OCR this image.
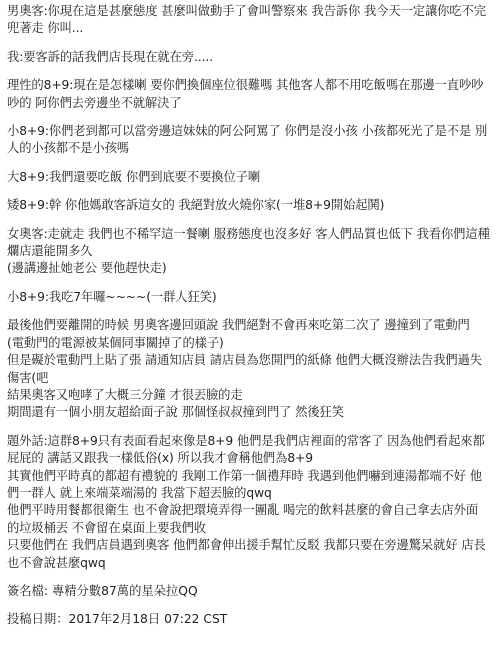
男奧客:你現在這是甚麼態度 甚麼叫做動手了會叫警察來 我告訴你 我今天一定讓你吃不完兜著走 你叫...

我:要客訴的話我們店長現在就在旁.....

理性的8+9:現在是怎樣喇 要你們換個座位很難嗎 其他客人都不用吃飯嗎在那邊一直吵吵吵的 阿你們去旁邊坐不就解決了

小8+9:你們老到都可以當旁邊這妹妹的阿公阿罵了 你們是沒小孩 小孩都死光了是不是 別人的小孩都不是小孩嗎

大8+9:我們還要吃飯 你們到底要不要換位子喇

矮8+9:幹 你他媽敢客訴這女的 我絕對放火燒你家(一堆8+9開始起鬨)

女奧客:走就走 我們也不稀罕這一餐喇 服務態度也沒多好 客人們品質也低下 我看你們這種爛店還能開多久
(邊講邊扯她老公 要他趕快走)

小8+9:我吃7年囉~~~~(一群人狂笑)

最後他們要離開的時候 男奧客邊回頭說 我們絕對不會再來吃第二次了 邊撞到了電動門
(電動門的電源被某個同事關掉了的樣子)
但是礙於電動門上貼了張 請通知店員 請店員為您開門的紙條 他們大概沒辦法告我們過失傷害(吧
結果奧客又咆哮了大概三分鐘 才很丟臉的走
期間還有一個小朋友超給面子說 那個怪叔叔撞到門了 然後狂笑

題外話:這群8+9只有表面看起來像是8+9 他們是我們店裡面的常客了 因為他們看起來都屁屁的 講話又跟我一樣低俗(x) 所以我才會稱他們為8+9
其實他們平時真的都超有禮貌的 我剛工作第一個禮拜時 我遇到他們嚇到連湯都端不好 他們一群人 就上來端菜端湯的 我當下超丟臉的qwq
他們平時用餐都很衛生 也不會說把環境弄得一團亂 喝完的飲料甚麼的會自己拿去店外面的垃圾桶丟 不會留在桌面上要我們收
只要他們在 我們店員遇到奧客 他們都會伸出援手幫忙反駁 我都只要在旁邊驚呆就好 店長也不會說甚麼qwq

簽名檔: 專精分數87萬的星朵拉QQ

投稿日期：2017年2月18日 07:22 CST
